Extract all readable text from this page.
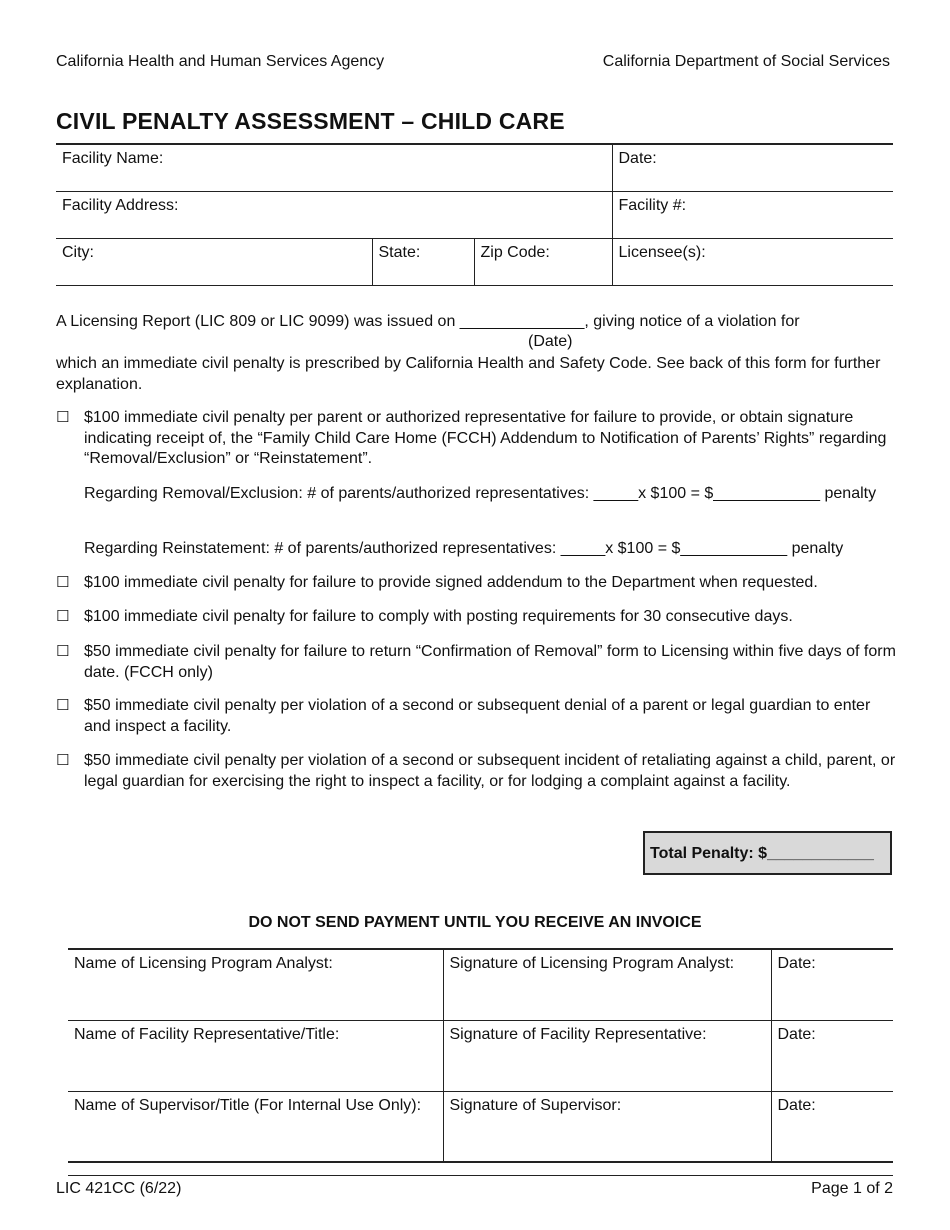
California Health and Human Services Agency	California Department of Social Services
CIVIL PENALTY ASSESSMENT – CHILD CARE
Facility Name:			Date:
Facility Address:			Facility #:
City:	State:	Zip Code:	Licensee(s):

A Licensing Report (LIC 809 or LIC 9099) was issued on ______________, giving notice of a violation for

(Date)

which an immediate civil penalty is prescribed by California Health and Safety Code. See back of this form for further explanation.

☐ $100 immediate civil penalty per parent or authorized representative for failure to provide, or obtain signature indicating receipt of, the “Family Child Care Home (FCCH) Addendum to Notification of Parents’ Rights” regarding “Removal/Exclusion” or “Reinstatement”.
Regarding Removal/Exclusion: # of parents/authorized representatives: _____x $100 = $____________ penalty
Regarding Reinstatement: # of parents/authorized representatives: _____x $100 = $____________ penalty
☐ $100 immediate civil penalty for failure to provide signed addendum to the Department when requested.
☐ $100 immediate civil penalty for failure to comply with posting requirements for 30 consecutive days.
☐ $50 immediate civil penalty for failure to return “Confirmation of Removal” form to Licensing within five days of form date. (FCCH only)
☐ $50 immediate civil penalty per violation of a second or subsequent denial of a parent or legal guardian to enter and inspect a facility.
☐ $50 immediate civil penalty per violation of a second or subsequent incident of retaliating against a child, parent, or legal guardian for exercising the right to inspect a facility, or for lodging a complaint against a facility.
Total Penalty: $____________
DO NOT SEND PAYMENT UNTIL YOU RECEIVE AN INVOICE
Name of Licensing Program Analyst:	Signature of Licensing Program Analyst:	Date:
Name of Facility Representative/Title:	Signature of Facility Representative:	Date:
Name of Supervisor/Title (For Internal Use Only):	Signature of Supervisor:	Date:
LIC 421CC (6/22)	Page 1 of 2
